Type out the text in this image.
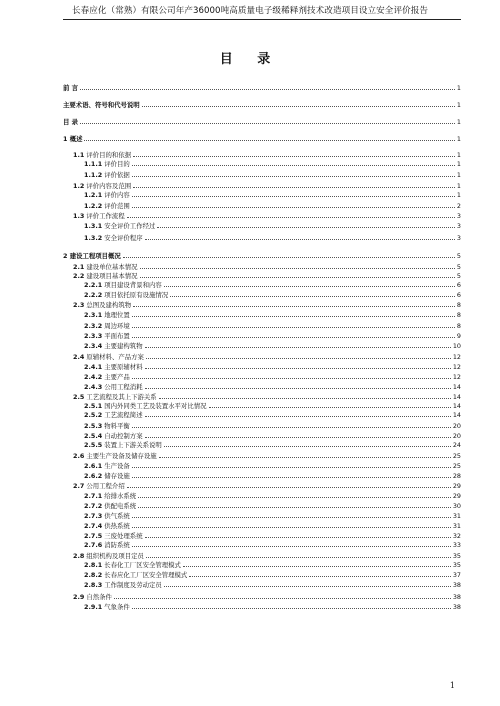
长春应化（常熟）有限公司年产36000吨高质量电子级稀释剂技术改造项目设立安全评价报告
目 录
前 言	1
主要术语、符号和代号说明	1
目 录	1
1 概述	1
1.1 评价目的和依据	1
1.1.1 评价目的	1
1.1.2 评价依据	1
1.2 评价内容及范围	1
1.2.1 评价内容	1
1.2.2 评价范围	2
1.3 评价工作流程	3
1.3.1 安全评价工作经过	3
1.3.2 安全评价程序	3
2 建设工程项目概况	5
2.1 建设单位基本情况	5
2.2 建设项目基本情况	5
2.2.1 项目建设背景和内容	6
2.2.2 项目依托原有设施情况	6
2.3 总图及建构筑物	8
2.3.1 地理位置	8
2.3.2 周边环境	8
2.3.3 平面布置	9
2.3.4 主要建构筑物	10
2.4 原辅材料、产品方案	12
2.4.1 主要原辅材料	12
2.4.2 主要产品	12
2.4.3 公用工程消耗	14
2.5 工艺流程及其上下游关系	14
2.5.1 国内外同类工艺及装置水平对比情况	14
2.5.2 工艺流程简述	14
2.5.3 物料平衡	20
2.5.4 自动控制方案	20
2.5.5 装置上下游关系说明	24
2.6 主要生产设备及储存设施	25
2.6.1 生产设备	25
2.6.2 储存设施	28
2.7 公用工程介绍	29
2.7.1 给排水系统	29
2.7.2 供配电系统	30
2.7.3 供气系统	31
2.7.4 供热系统	31
2.7.5 三废处理系统	32
2.7.6 消防系统	33
2.8 组织机构及项目定员	35
2.8.1 长春化工厂区安全管理模式	35
2.8.2 长春应化工厂区安全管理模式	37
2.8.3 工作制度及劳动定员	38
2.9 自然条件	38
2.9.1 气象条件	38
1
